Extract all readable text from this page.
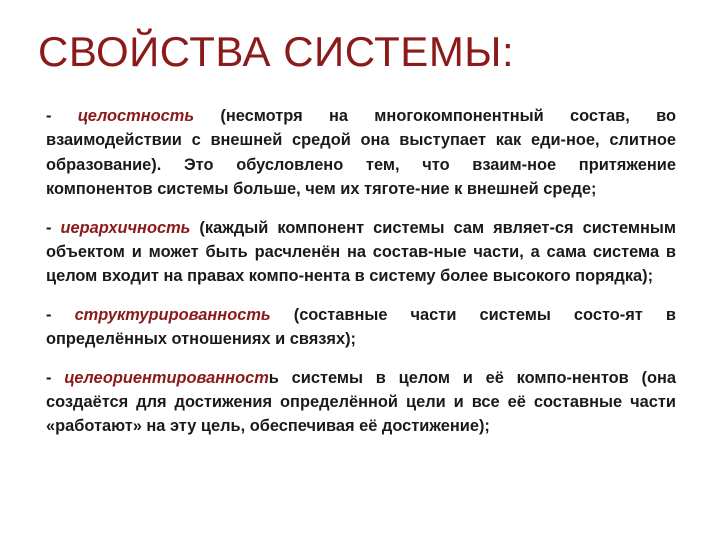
СВОЙСТВА СИСТЕМЫ:

- целостность (несмотря на многокомпонентный состав, во взаимодействии с внешней средой она выступает как еди-ное, слитное образование). Это обусловлено тем, что взаим-ное притяжение компонентов системы больше, чем их тяготе-ние к внешней среде;

- иерархичность (каждый компонент системы сам являет-ся системным объектом и может быть расчленён на состав-ные части, а сама система в целом входит на правах компо-нента в систему более высокого порядка);

- структурированность (составные части системы состо-ят в определённых отношениях и связях);

- целеориентированность системы в целом и её компо-нентов (она создаётся для достижения определённой цели и все её составные части «работают» на эту цель, обеспечивая её достижение);
